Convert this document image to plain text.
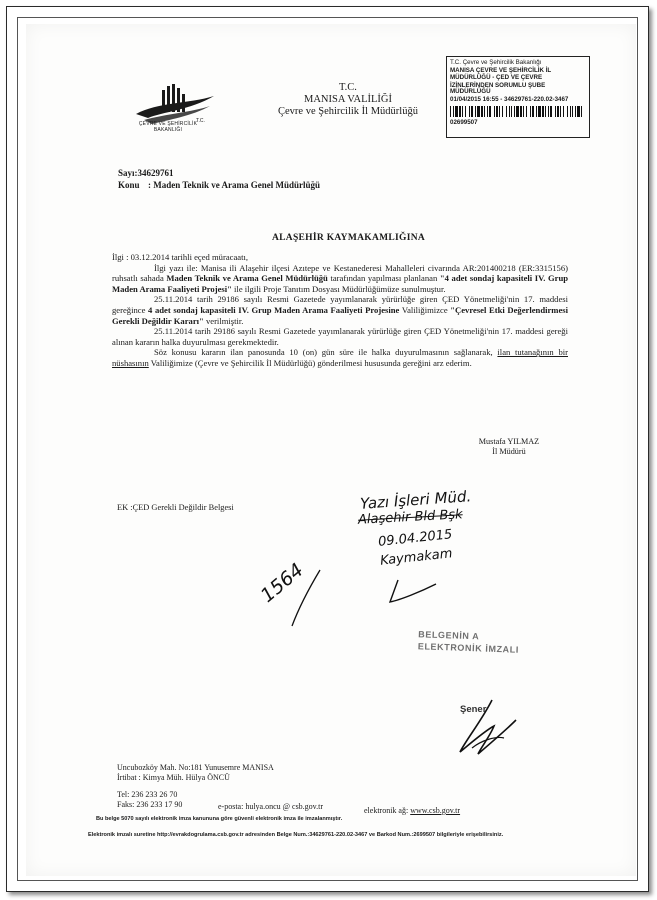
ÇEVRE VE ŞEHİRCİLİK
BAKANLIĞI
T.C.
T.C.
MANISA VALİLİĞİ
Çevre ve Şehircilik İl Müdürlüğü
T.C. Çevre ve Şehircilik Bakanlığı
MANISA ÇEVRE VE ŞEHİRCİLİK İL
MÜDÜRLÜĞÜ - ÇED VE ÇEVRE
İZİNLERİNDEN SORUMLU ŞUBE
MÜDÜRLÜĞÜ
01/04/2015 16:55 - 34629761-220.02-3467
02699507
Sayı:34629761
Konu : Maden Teknik ve Arama Genel Müdürlüğü
ALAŞEHİR KAYMAKAMLIĞINA

İlgi : 03.12.2014 tarihli eçed müracaatı,

İlgi yazı ile: Manisa ili Alaşehir ilçesi Azıtepe ve Kestanederesi Mahalleleri civarında AR:201400218 (ER:3315156) ruhsatlı sahada Maden Teknik ve Arama Genel Müdürlüğü tarafından yapılması planlanan "4 adet sondaj kapasiteli IV. Grup Maden Arama Faaliyeti Projesi" ile ilgili Proje Tanıtım Dosyası Müdürlüğümüze sunulmuştur.

25.11.2014 tarih 29186 sayılı Resmi Gazetede yayımlanarak yürürlüğe giren ÇED Yönetmeliği'nin 17. maddesi gereğince 4 adet sondaj kapasiteli IV. Grup Maden Arama Faaliyeti Projesine Valiliğimizce "Çevresel Etki Değerlendirmesi Gerekli Değildir Kararı" verilmiştir.

25.11.2014 tarih 29186 sayılı Resmi Gazetede yayımlanarak yürürlüğe giren ÇED Yönetmeliği'nin 17. maddesi gereği alınan kararın halka duyurulması gerekmektedir.

Söz konusu kararın ilan panosunda 10 (on) gün süre ile halka duyurulmasının sağlanarak, ilan tutanağının bir nüshasının Valiliğimize (Çevre ve Şehircilik İl Müdürlüğü) gönderilmesi hususunda gereğini arz ederim.

Mustafa YILMAZ
İl Müdürü
EK :ÇED Gerekli Değildir Belgesi	Yazı İşleri Müd.
Alaşehir Bld Bşk
09.04.2015
Kaymakam
1564
BELGENİN A
ELEKTRONİK İMZALI
Şener
Uncubozköy Mah. No:181 Yunusemre MANISA
İrtibat : Kimya Müh. Hülya ÖNCÜ
Tel: 236 233 26 70
Faks: 236 233 17 90	e-posta: hulya.oncu @ csb.gov.tr	elektronik ağ: www.csb.gov.tr
Bu belge 5070 sayılı elektronik imza kanununa göre güvenli elektronik imza ile imzalanmıştır.
Elektronik imzalı suretine http://evrakdogrulama.csb.gov.tr adresinden Belge Num.:34629761-220.02-3467 ve Barkod Num.:2699507 bilgileriyle erişebilirsiniz.
